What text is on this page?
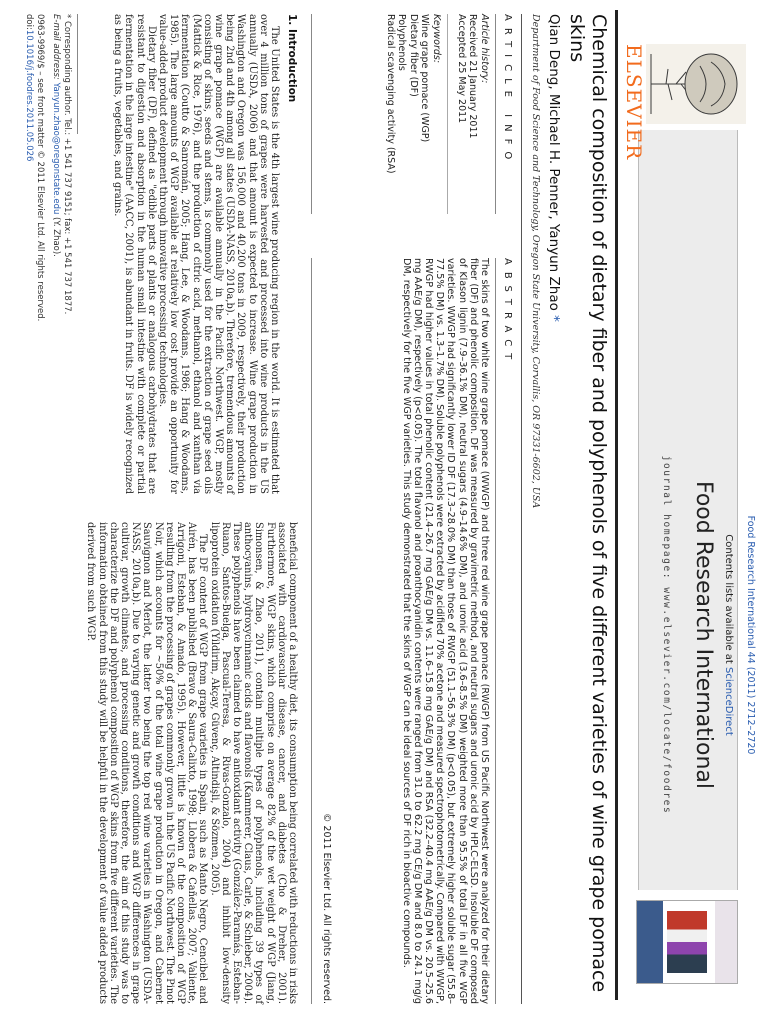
Food Research International 44 (2011) 2712–2720
Contents lists available at ScienceDirect
Food Research International
journal homepage: www.elsevier.com/locate/foodres
ELSEVIER
Chemical composition of dietary fiber and polyphenols of five different varieties of wine grape pomace skins
Qian Deng, Michael H. Penner, Yanyun Zhao *
Department of Food Science and Technology, Oregon State University, Corvallis, OR 97331-6602, USA
ARTICLE INFO
Article history:
Received 21 January 2011
Accepted 25 May 2011
Keywords:
Wine grape pomace (WGP)
Dietary fiber (DF)
Polyphenols
Radical scavenging activity (RSA)
ABSTRACT
The skins of two white wine grape pomace (WWGP) and three red wine grape pomace (RWGP) from US Pacific Northwest were analyzed for their dietary fiber (DF) and phenolic composition. DF was measured by gravimetric method, and neutral sugars and uronic acid by HPLC-ELSD. Insoluble DF composed of Klason lignin (7.9–36.1% DM), neutral sugars (4.9–14.6% DM), and uronic acid (3.6–8.5% DM) weighted more than 95.5% of total DF in all five WGP varieties. WWGP had significantly lower ID DF (17.3–28.0% DM) than those of RWGP (51.1–56.3% DM) (p<0.05), but extremely higher soluble sugar (55.8–77.5% DM) vs. 1.3–1.7% DM). Soluble polyphenols were extracted by acidified 70% acetone and measured spectrophotometrically. Compared with WWGP, RWGP had higher values in total phenolic content (21.4–26.7 mg GAE/g DM vs. 11.6–15.8 mg GAE/g DM) and RSA (32.2–40.4 mg AAE/g DM vs. 20.5–25.6 mg AAE/g DM), respectively (p<0.05). The total flavanol and proanthocyanidin contents were ranged from 31.0 to 62.2 mg CE/g DM and 8.0 to 24.1 mg/g DM, respectively for the five WGP varieties. This study demonstrated that the skins of WGP can be ideal sources of DF rich in bioactive compounds.
© 2011 Elsevier Ltd. All rights reserved.
1. Introduction

The United States is the 4th largest wine producing region in the world. It is estimated that over 4 million tons of grapes were harvested and processed into wine products in the US annually (USDA, 2006) and that amount is expected to increase. Wine grape production in Washington and Oregon was 156,000 and 40,200 tons in 2009, respectively, their production being 2nd and 4th among all states (USDA-NASS, 2010a,b). Therefore, tremendous amounts of wine grape pomace (WGP) are available annually in the Pacific Northwest. WGP, mostly consisting of skins, seeds and stems, is commonly used for the extraction of grape seed oils (Mattick & Rice, 1976), and the production of citric acid, methanol, ethanol and xanthan via fermentation (Coutto & Sanromán, 2005; Hang, Lee, & Woodams, 1986; Hang & Woodams, 1985). The large amounts of WGP available at relatively low cost provide an opportunity for value-added product development through innovative processing technologies.

Dietary fiber (DF), defined as "edible parts of plants or analogous carbohydrates that are resistant to digestion and absorption in the human small intestine with complete or partial fermentation in the large intestine" (AACC, 2001), is abundant in fruits. DF is widely recognized as being a fruits, vegetables, and grains.

beneficial component of a healthy diet, its consumption being correlated with reductions in risks associated with cardiovascular disease, cancer, and diabetes (Cho & Dreher, 2001). Furthermore, WGP skins, which comprise on average 82% of the wet weight of WGP (Jiang, Simonsen, & Zhao, 2011), contain multiple types of polyphenols, including 39 types of anthocyanins, hydroxycinnamic acids and flavonols (Kammerer, Claus, Carle, & Schieber, 2004). These polyphenols have been claimed to have antioxidant activity (González-Paramás, Esteban-Ruano, Santos-Buelga, Pascual-Teresa, & Rivas-Gonzalo, 2004) and inhibit low-density lipoprotein oxidation (Yildirim, Akçay, Güvenç, Altindişli, & Sözmen, 2005).

The DF content of WGP from grape varieties in Spain, such as Manto Negro, Cencibel and Airén, has been published (Bravo & Saura-Calixto, 1998; Llobera & Cañellas, 2007; Valiente, Arrigoni, Esteban, & Amado, 1995). However, little is known of the composition of WGP resulting from the processing of grapes commonly grown in the US Pacific Northwest. The Pinot Noir, which accounts for ~50% of the total wine grape production in Oregon, and Cabernet Sauvignon and Merlot, the latter two being the top red wine varieties in Washington (USDA-NASS, 2010a,b). Due to varying genetic and growth conditions and WGP differences in grape cultivar, growth climates, and processing conditions, therefore, the aim of this study was to characterize the DF and polyphenol composition of WGP skins from five different varieties. The information obtained from this study will be helpful in the development of value added products derived from such WGP.

* Corresponding author. Tel.: +1 541 737 9151; fax: +1 541 737 1877.
E-mail address: Yanyun.zhao@oregonstate.edu (Y. Zhao).
0963-9969/$ – see front matter © 2011 Elsevier Ltd. All rights reserved.
doi:10.1016/j.foodres.2011.05.026
